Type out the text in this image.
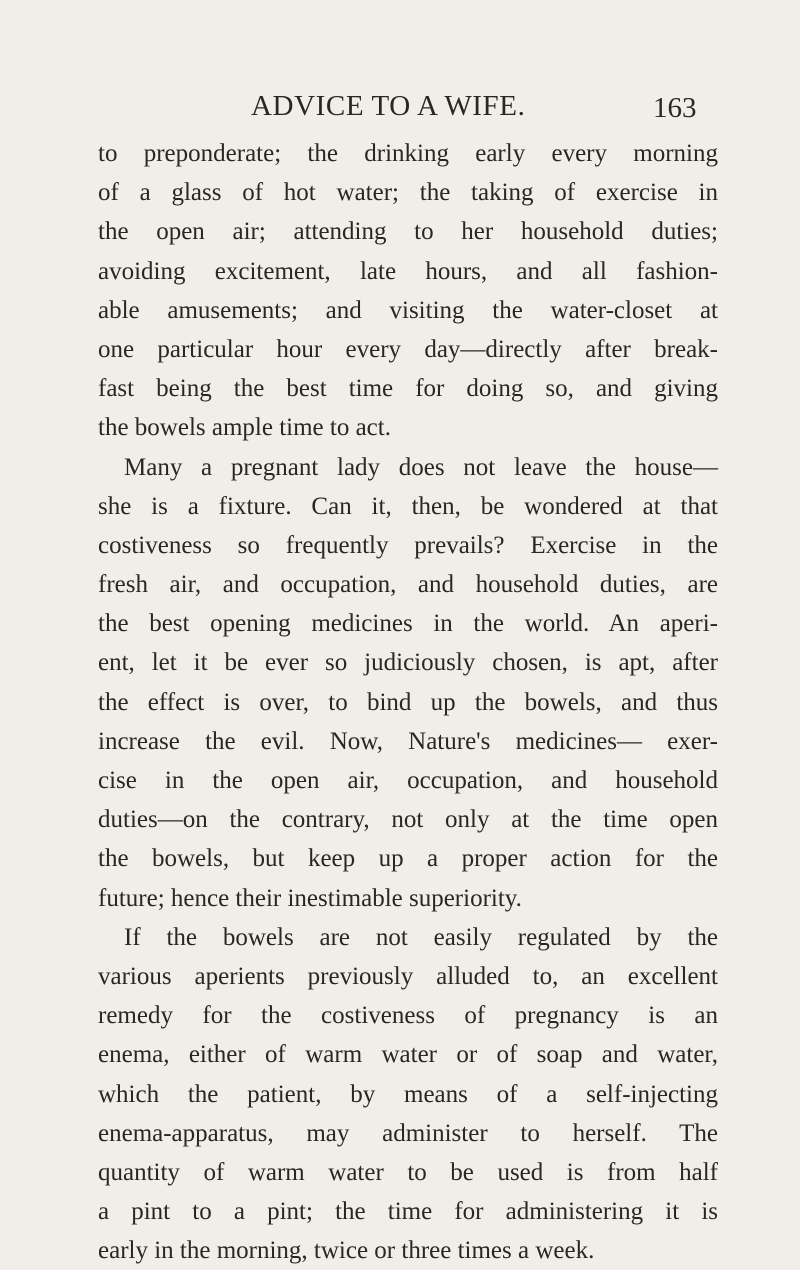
ADVICE TO A WIFE.	163
to preponderate; the drinking early every morning
of a glass of hot water; the taking of exercise in
the open air; attending to her household duties;
avoiding excitement, late hours, and all fashion-
able amusements; and visiting the water-closet at
one particular hour every day—directly after break-
fast being the best time for doing so, and giving
the bowels ample time to act.
Many a pregnant lady does not leave the house—
she is a fixture. Can it, then, be wondered at that
costiveness so frequently prevails? Exercise in the
fresh air, and occupation, and household duties, are
the best opening medicines in the world. An aperi-
ent, let it be ever so judiciously chosen, is apt, after
the effect is over, to bind up the bowels, and thus
increase the evil. Now, Nature's medicines— exer-
cise in the open air, occupation, and household
duties—on the contrary, not only at the time open
the bowels, but keep up a proper action for the
future; hence their inestimable superiority.
If the bowels are not easily regulated by the
various aperients previously alluded to, an excellent
remedy for the costiveness of pregnancy is an
enema, either of warm water or of soap and water,
which the patient, by means of a self-injecting
enema-apparatus, may administer to herself. The
quantity of warm water to be used is from half
a pint to a pint; the time for administering it is
early in the morning, twice or three times a week.
